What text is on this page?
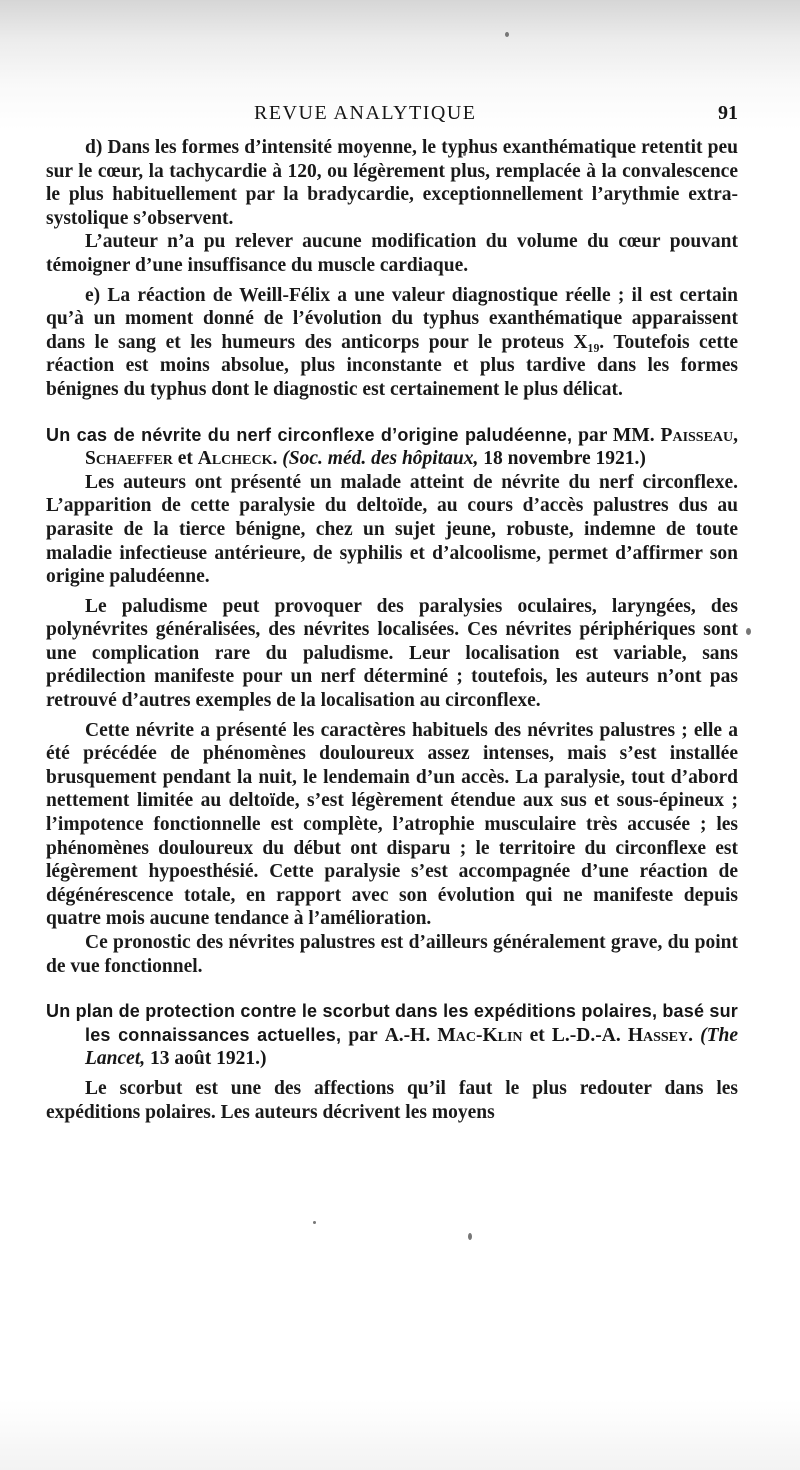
REVUE ANALYTIQUE	91

d) Dans les formes d’intensité moyenne, le typhus exanthématique retentit peu sur le cœur, la tachycardie à 120, ou légèrement plus, remplacée à la convalescence le plus habituellement par la bradycardie, exceptionnellement l’arythmie extra-systolique s’observent.

L’auteur n’a pu relever aucune modification du volume du cœur pouvant témoigner d’une insuffisance du muscle cardiaque.

e) La réaction de Weill-Félix a une valeur diagnostique réelle ; il est certain qu’à un moment donné de l’évolution du typhus exanthématique apparaissent dans le sang et les humeurs des anticorps pour le proteus X₁₉. Toutefois cette réaction est moins absolue, plus inconstante et plus tardive dans les formes bénignes du typhus dont le diagnostic est certainement le plus délicat.

Un cas de névrite du nerf circonflexe d’origine paludéenne, par MM. Paisseau, Schaeffer et Alcheck. (Soc. méd. des hôpitaux, 18 novembre 1921.)

Les auteurs ont présenté un malade atteint de névrite du nerf circonflexe. L’apparition de cette paralysie du deltoïde, au cours d’accès palustres dus au parasite de la tierce bénigne, chez un sujet jeune, robuste, indemne de toute maladie infectieuse antérieure, de syphilis et d’alcoolisme, permet d’affirmer son origine paludéenne.

Le paludisme peut provoquer des paralysies oculaires, laryngées, des polynévrites généralisées, des névrites localisées. Ces névrites périphériques sont une complication rare du paludisme. Leur localisation est variable, sans prédilection manifeste pour un nerf déterminé ; toutefois, les auteurs n’ont pas retrouvé d’autres exemples de la localisation au circonflexe.

Cette névrite a présenté les caractères habituels des névrites palustres ; elle a été précédée de phénomènes douloureux assez intenses, mais s’est installée brusquement pendant la nuit, le lendemain d’un accès. La paralysie, tout d’abord nettement limitée au deltoïde, s’est légèrement étendue aux sus et sous-épineux ; l’impotence fonctionnelle est complète, l’atrophie musculaire très accusée ; les phénomènes douloureux du début ont disparu ; le territoire du circonflexe est légèrement hypoesthésié. Cette paralysie s’est accompagnée d’une réaction de dégénérescence totale, en rapport avec son évolution qui ne manifeste depuis quatre mois aucune tendance à l’amélioration.

Ce pronostic des névrites palustres est d’ailleurs généralement grave, du point de vue fonctionnel.

Un plan de protection contre le scorbut dans les expéditions polaires, basé sur les connaissances actuelles, par A.-H. Mac-Klin et L.-D.-A. Hassey. (The Lancet, 13 août 1921.)

Le scorbut est une des affections qu’il faut le plus redouter dans les expéditions polaires. Les auteurs décrivent les moyens
